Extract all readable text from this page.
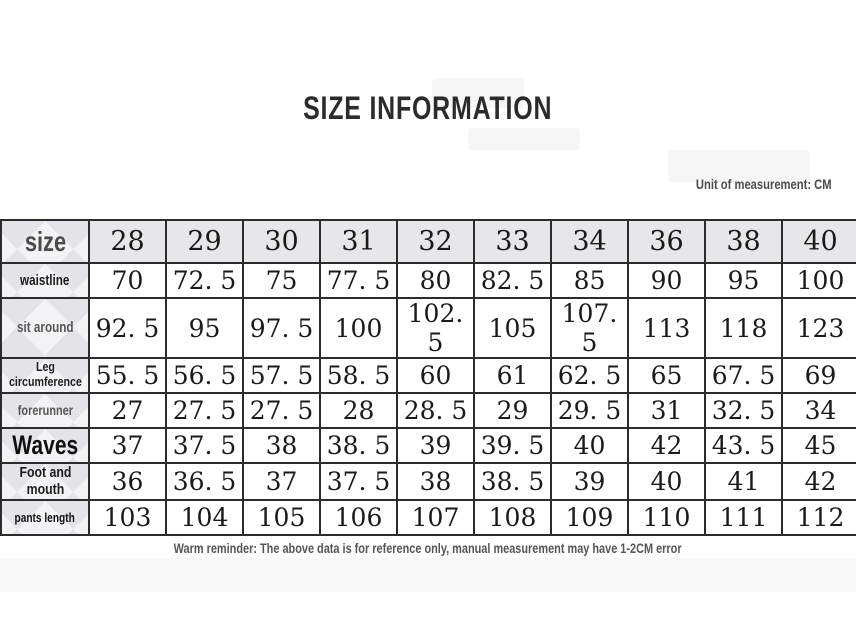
SIZE INFORMATION
Unit of measurement: CM
size	28	29	30	31	32	33	34	36	38	40
waistline	70	72. 5	75	77. 5	80	82. 5	85	90	95	100
sit around	92. 5	95	97. 5	100	102. 5	105	107. 5	113	118	123
Leg circumference	55. 5	56. 5	57. 5	58. 5	60	61	62. 5	65	67. 5	69
forerunner	27	27. 5	27. 5	28	28. 5	29	29. 5	31	32. 5	34
Waves	37	37. 5	38	38. 5	39	39. 5	40	42	43. 5	45
Foot and mouth	36	36. 5	37	37. 5	38	38. 5	39	40	41	42
pants length	103	104	105	106	107	108	109	110	111	112
Warm reminder: The above data is for reference only, manual measurement may have 1-2CM error
